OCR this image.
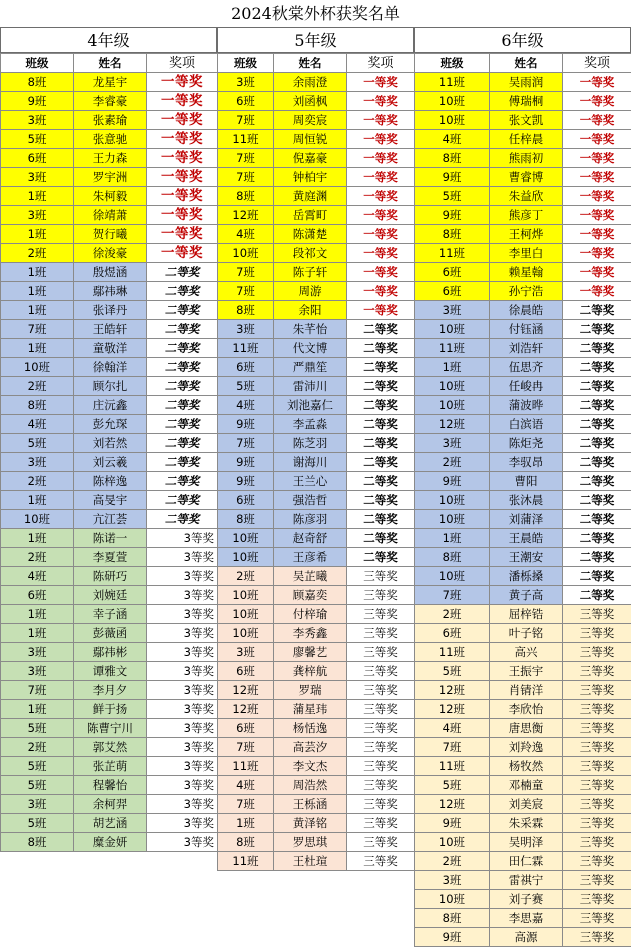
2024秋棠外杯获奖名单
4年级	5年级	6年级
班级	姓名	奖项
8班	龙星宇	一等奖
9班	李睿豪	一等奖
3班	张素瑜	一等奖
5班	张意驰	一等奖
6班	王力森	一等奖
3班	罗宇洲	一等奖
1班	朱柯毅	一等奖
3班	徐靖萧	一等奖
1班	贺行曦	一等奖
2班	徐浚豪	一等奖
1班	殷煜涵	二等奖
1班	鄢祎琳	二等奖
1班	张译丹	二等奖
7班	王皓轩	二等奖
1班	童敬洋	二等奖
10班	徐翰洋	二等奖
2班	顾尔扎	二等奖
8班	庄沅鑫	二等奖
4班	彭允琛	二等奖
5班	刘若然	二等奖
3班	刘云羲	二等奖
2班	陈梓逸	二等奖
1班	高旻宇	二等奖
10班	亢江荟	二等奖
1班	陈诺一	3等奖
2班	李夏萱	3等奖
4班	陈研巧	3等奖
6班	刘婉廷	3等奖
1班	幸子涵	3等奖
1班	彭薇函	3等奖
3班	鄢祎彬	3等奖
3班	谭雅文	3等奖
7班	李月夕	3等奖
1班	鲜于扬	3等奖
5班	陈曹宁川	3等奖
2班	郭艾然	3等奖
5班	张芷萌	3等奖
5班	程馨怡	3等奖
3班	余柯羿	3等奖
5班	胡艺涵	3等奖
8班	糜金妍	3等奖
班级	姓名	奖项
3班	余雨澄	一等奖
6班	刘函枫	一等奖
7班	周奕宸	一等奖
11班	周恒锐	一等奖
7班	倪嘉豪	一等奖
7班	钟柏宇	一等奖
8班	黄庭渊	一等奖
12班	岳霄町	一等奖
4班	陈潇楚	一等奖
10班	段祁文	一等奖
7班	陈子轩	一等奖
7班	周游	一等奖
8班	余阳	一等奖
3班	朱芊怡	二等奖
11班	代文博	二等奖
6班	严鼎笙	二等奖
5班	雷沛川	二等奖
4班	刘池嘉仁	二等奖
9班	李孟淼	二等奖
7班	陈芝羽	二等奖
9班	谢海川	二等奖
9班	王兰心	二等奖
6班	强浩哲	二等奖
8班	陈彦羽	二等奖
10班	赵奇舒	二等奖
10班	王彦希	二等奖
2班	吴芷曦	三等奖
10班	顾嘉奕	三等奖
10班	付梓瑜	三等奖
10班	李秀鑫	三等奖
3班	廖馨艺	三等奖
6班	龚梓航	三等奖
12班	罗瑞	三等奖
12班	蒲星玮	三等奖
6班	杨恬逸	三等奖
7班	高芸汐	三等奖
11班	李文杰	三等奖
4班	周浩然	三等奖
7班	王栎涵	三等奖
1班	黄泽铭	三等奖
8班	罗思琪	三等奖
11班	王杜瑄	三等奖
班级	姓名	奖项
11班	吴雨润	一等奖
10班	傅瑞桐	一等奖
10班	张文凯	一等奖
4班	任梓晨	一等奖
8班	熊雨初	一等奖
9班	曹睿博	一等奖
5班	朱益欣	一等奖
9班	熊彦丁	一等奖
8班	王柯烨	一等奖
11班	李里白	一等奖
6班	赖星翰	一等奖
6班	孙宁浩	一等奖
3班	徐晨皓	二等奖
10班	付钰涵	二等奖
11班	刘浩轩	二等奖
1班	伍思齐	二等奖
10班	任峻冉	二等奖
10班	蒲波晔	二等奖
12班	白滨语	二等奖
3班	陈炬尧	二等奖
2班	李驭昂	二等奖
9班	曹阳	二等奖
10班	张沐晨	二等奖
10班	刘蒲泽	二等奖
1班	王晨皓	二等奖
8班	王潮安	二等奖
10班	潘栎搡	二等奖
7班	黄子高	二等奖
2班	屈梓锆	三等奖
6班	叶子铭	三等奖
11班	高兴	三等奖
5班	王振宇	三等奖
12班	肖锖洋	三等奖
12班	李欣怡	三等奖
4班	唐思衡	三等奖
7班	刘羚逸	三等奖
11班	杨牧然	三等奖
5班	邓楠童	三等奖
12班	刘美宸	三等奖
9班	朱采霖	三等奖
10班	吴明泽	三等奖
2班	田仁霖	三等奖
3班	雷祺宁	三等奖
10班	刘子赛	三等奖
8班	李思嘉	三等奖
9班	高源	三等奖
